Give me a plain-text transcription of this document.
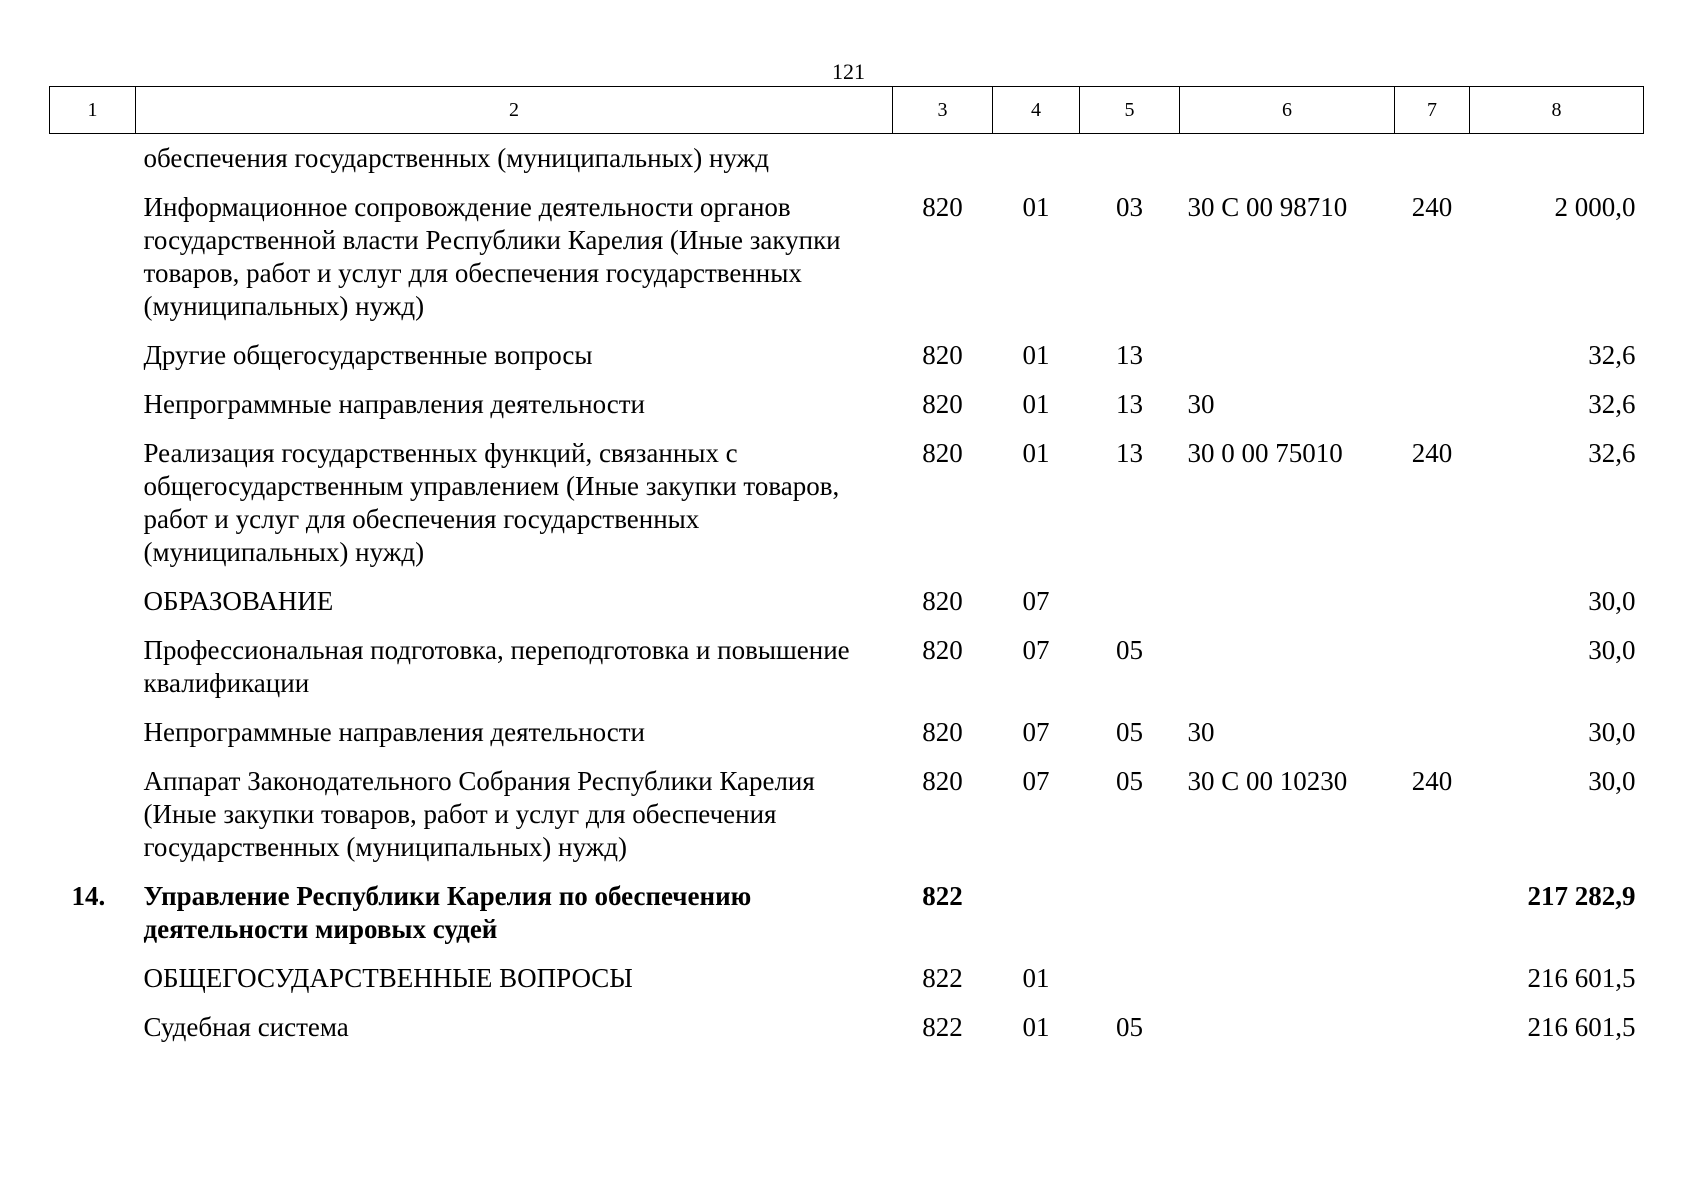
121
1	2	3	4	5	6	7	8
	обеспечения государственных (муниципальных) нужд						
	Информационное сопровождение деятельности органов государственной власти Республики Карелия (Иные закупки товаров, работ и услуг для обеспечения государственных (муниципальных) нужд)	820	01	03	30 С 00 98710	240	2 000,0
	Другие общегосударственные вопросы	820	01	13			32,6
	Непрограммные направления деятельности	820	01	13	30		32,6
	Реализация государственных функций, связанных с общегосударственным управлением (Иные закупки товаров, работ и услуг для обеспечения государственных (муниципальных) нужд)	820	01	13	30 0 00 75010	240	32,6
	ОБРАЗОВАНИЕ	820	07				30,0
	Профессиональная подготовка, переподготовка и повышение квалификации	820	07	05			30,0
	Непрограммные направления деятельности	820	07	05	30		30,0
	Аппарат Законодательного Собрания Республики Карелия (Иные закупки товаров, работ и услуг для обеспечения государственных (муниципальных) нужд)	820	07	05	30 С 00 10230	240	30,0
14.	Управление Республики Карелия по обеспечению деятельности мировых судей	822					217 282,9
	ОБЩЕГОСУДАРСТВЕННЫЕ ВОПРОСЫ	822	01				216 601,5
	Судебная система	822	01	05			216 601,5
